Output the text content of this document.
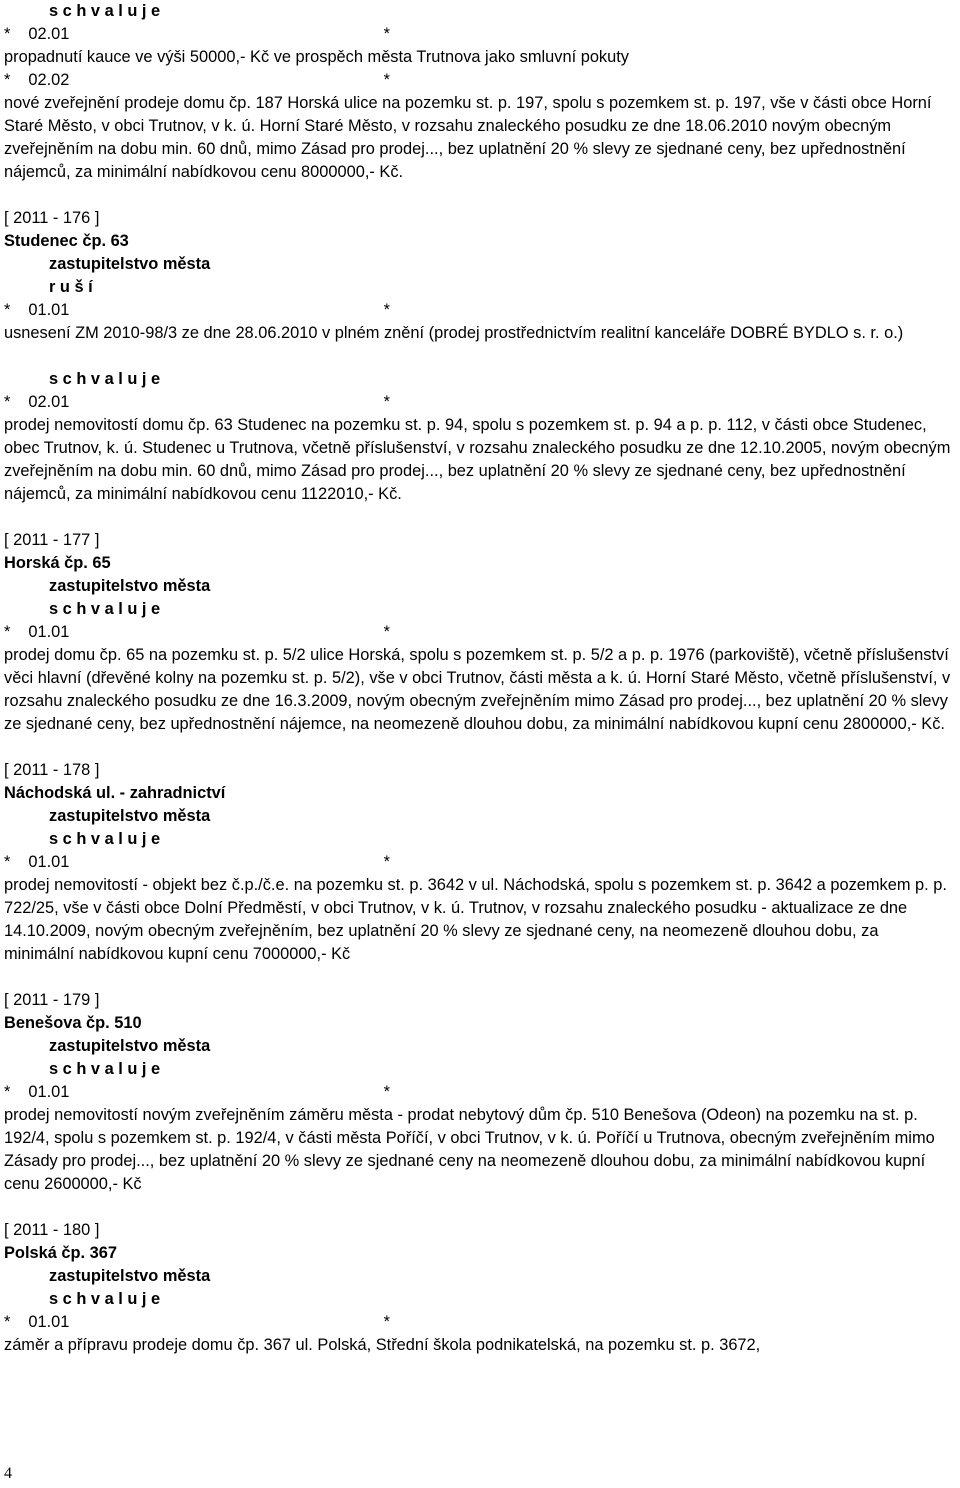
s c h v a l u j e
* 02.01	*
propadnutí kauce ve výši 50000,- Kč ve prospěch města Trutnova jako smluvní pokuty
* 02.02	*
nové zveřejnění prodeje domu čp. 187 Horská ulice na pozemku st. p. 197, spolu s pozemkem st. p. 197, vše v části obce Horní Staré Město, v obci Trutnov, v k. ú. Horní Staré Město, v rozsahu znaleckého posudku ze dne 18.06.2010 novým obecným zveřejněním na dobu min. 60 dnů, mimo Zásad pro prodej..., bez uplatnění 20 % slevy ze sjednané ceny, bez upřednostnění nájemců, za minimální nabídkovou cenu 8000000,- Kč.
[ 2011 - 176 ]
Studenec čp. 63
zastupitelstvo města
r u š í
* 01.01	*
usnesení ZM 2010-98/3 ze dne 28.06.2010 v plném znění (prodej prostřednictvím realitní kanceláře DOBRÉ BYDLO s. r. o.)
s c h v a l u j e
* 02.01	*
prodej nemovitostí domu čp. 63 Studenec na pozemku st. p. 94, spolu s pozemkem st. p. 94 a p. p. 112, v části obce Studenec, obec Trutnov, k. ú. Studenec u Trutnova, včetně příslušenství, v rozsahu znaleckého posudku ze dne 12.10.2005, novým obecným zveřejněním na dobu min. 60 dnů, mimo Zásad pro prodej..., bez uplatnění 20 % slevy ze sjednané ceny, bez upřednostnění nájemců, za minimální nabídkovou cenu 1122010,- Kč.
[ 2011 - 177 ]
Horská čp. 65
zastupitelstvo města
s c h v a l u j e
* 01.01	*
prodej domu čp. 65 na pozemku st. p. 5/2 ulice Horská, spolu s pozemkem st. p. 5/2 a p. p. 1976 (parkoviště), včetně příslušenství věci hlavní (dřevěné kolny na pozemku st. p. 5/2), vše v obci Trutnov, části města a k. ú. Horní Staré Město, včetně příslušenství, v rozsahu znaleckého posudku ze dne 16.3.2009, novým obecným zveřejněním mimo Zásad pro prodej..., bez uplatnění 20 % slevy ze sjednané ceny, bez upřednostnění nájemce, na neomezeně dlouhou dobu, za minimální nabídkovou kupní cenu 2800000,- Kč.
[ 2011 - 178 ]
Náchodská ul. - zahradnictví
zastupitelstvo města
s c h v a l u j e
* 01.01	*
prodej nemovitostí - objekt bez č.p./č.e. na pozemku st. p. 3642 v ul. Náchodská, spolu s pozemkem st. p. 3642 a pozemkem p. p. 722/25, vše v části obce Dolní Předměstí, v obci Trutnov, v k. ú. Trutnov, v rozsahu znaleckého posudku - aktualizace ze dne 14.10.2009, novým obecným zveřejněním, bez uplatnění 20 % slevy ze sjednané ceny, na neomezeně dlouhou dobu, za minimální nabídkovou kupní cenu 7000000,- Kč
[ 2011 - 179 ]
Benešova čp. 510
zastupitelstvo města
s c h v a l u j e
* 01.01	*
prodej nemovitostí novým zveřejněním záměru města - prodat nebytový dům čp. 510 Benešova (Odeon) na pozemku na st. p. 192/4, spolu s pozemkem st. p. 192/4, v části města Poříčí, v obci Trutnov, v k. ú. Poříčí u Trutnova, obecným zveřejněním mimo Zásady pro prodej..., bez uplatnění 20 % slevy ze sjednané ceny na neomezeně dlouhou dobu, za minimální nabídkovou kupní cenu 2600000,- Kč
[ 2011 - 180 ]
Polská čp. 367
zastupitelstvo města
s c h v a l u j e
* 01.01	*
záměr a přípravu prodeje domu čp. 367 ul. Polská, Střední škola podnikatelská, na pozemku st. p. 3672,
4
